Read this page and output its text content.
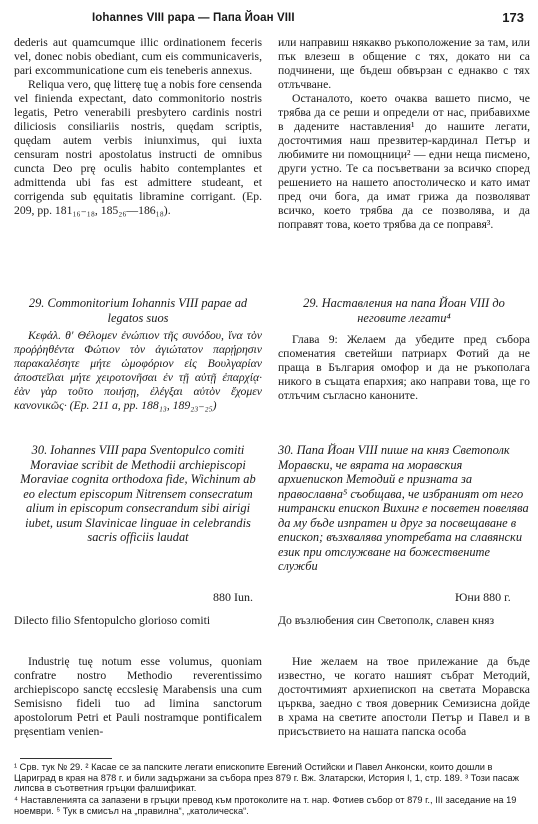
Iohannes VIII papa — Папа Йоан VIII	173

dederis aut quamcumque illic ordinationem feceris vel, donec nobis obediant, cum eis communicaveris, pari excommunicatione cum eis teneberis annexus.

Reliqua vero, quę litterę tuę a nobis fore censenda vel finienda expectant, dato commonitorio nostris legatis, Petro venerabili presbytero cardinis nostri diliciosis consiliariis nostris, quędam scriptis, quędam autem verbis iniunximus, qui iuxta censuram nostri apostolatus instructi de omnibus cuncta Deo prę oculis habito contemplantes et admittenda ubi fas est admittere studeant, et corrigenda sub ęquitatis libramine corrigant. (Ep. 209, pp. 181₁₆₋₁₈, 185₂₆—186₁₈).

29. Commonitorium Iohannis VIII papae ad legatos suos

Κεφάλ. θ' Θέλομεν ἐνώπιον τῆς συνόδου, ἵνα τὸν προῤῥηθέντα Φώτιον τὸν ἀγιώτατον παρῄρησιν παρακαλέσητε μήτε ὠμοφόριον εἰς Βουλγαρίαν ἀποστεῖλαι μήτε χειροτονῆσαι ἐν τῇ αὐτῇ ἐπαρχίᾳ· ἐὰν γὰρ τοῦτο ποιήσῃ, ἐλέγξαι αὐτὸν ἔχομεν κανονικῶς· (Ep. 211 a, pp. 188₁₃, 189₂₃₋₂₅)

30. Iohannes VIII papa Sventopulco comiti Moraviae scribit de Methodii archiepiscopi Moraviae cognita orthodoxa fide, Wichinum ab eo electum episcopum Nitrensem consecratum alium in episcopum consecrandum sibi airigi iubet, usum Slavinicae linguae in celebrandis sacris officiis laudat
880 Iun.

Dilecto filio Sfentopulcho glorioso comiti

Industrię tuę notum esse volumus, quoniam confratre nostro Methodio reverentissimo archiepiscopo sanctę eccslesię Marabensis una cum Semisisno fideli tuo ad limina sanctorum apostolorum Petri et Pauli nostramque pontificalem pręsentiam venien-

или направиш някакво ръкоположение за там, или пък влезеш в общение с тях, докато ни са подчинени, ще бъдеш обвързан с еднакво с тях отлъчване.

Останалото, което очаква вашето писмо, че трябва да се реши и определи от нас, прибавихме в дадените наставления¹ до нашите легати, досточтимия наш презвитер-кардинал Петър и любимите ни помощници² — едни неща писмено, други устно. Те са посъветвани за всичко според решението на нашето апостолическо и като имат пред очи бога, да имат грижа да позволяват всичко, което трябва да се позволява, и да поправят това, което трябва да се поправя³.

29. Наставления на папа Йоан VIII до неговите легати⁴

Глава 9: Желаем да убедите пред събора споменатия светейши патриарх Фотий да не праща в България омофор и да не ръкополага никого в същата епархия; ако направи това, ще го отлъчим съгласно каноните.

30. Папа Йоан VIII пише на княз Светополк Моравски, че вярата на моравския архиепископ Методий е призната за православна⁵ съобщава, че избраният от него нитрански епископ Вихинг е посветен повелява да му бъде изпратен и друг за посвещаване в епископ; възхвалява употребата на славянски език при отслужване на божествените служби
Юни 880 г.

До възлюбения син Светополк, славен княз

Ние желаем на твое прилежание да бъде известно, че когато нашият събрат Методий, досточтимият архиепископ на светата Моравска църква, заедно с твоя доверник Семизисна дойде в храма на светите апостоли Петър и Павел и в присъствието на нашата папска особа

¹ Срв. тук № 29. ² Касае се за папските легати епископите Евгений Остийски и Павел Анконски, които дошли в Цариград в края на 878 г. и били задържани за събора през 879 г. Вж. Златарски, История I, 1, стр. 189. ³ Този пасаж липсва в съответния гръцки фалшификат.
⁴ Наставленията са запазени в гръцки превод към протоколите на т. нар. Фотиев събор от 879 г., III заседание на 19 ноември. ⁵ Тук в смисъл на „правилна“, „католическа“.
